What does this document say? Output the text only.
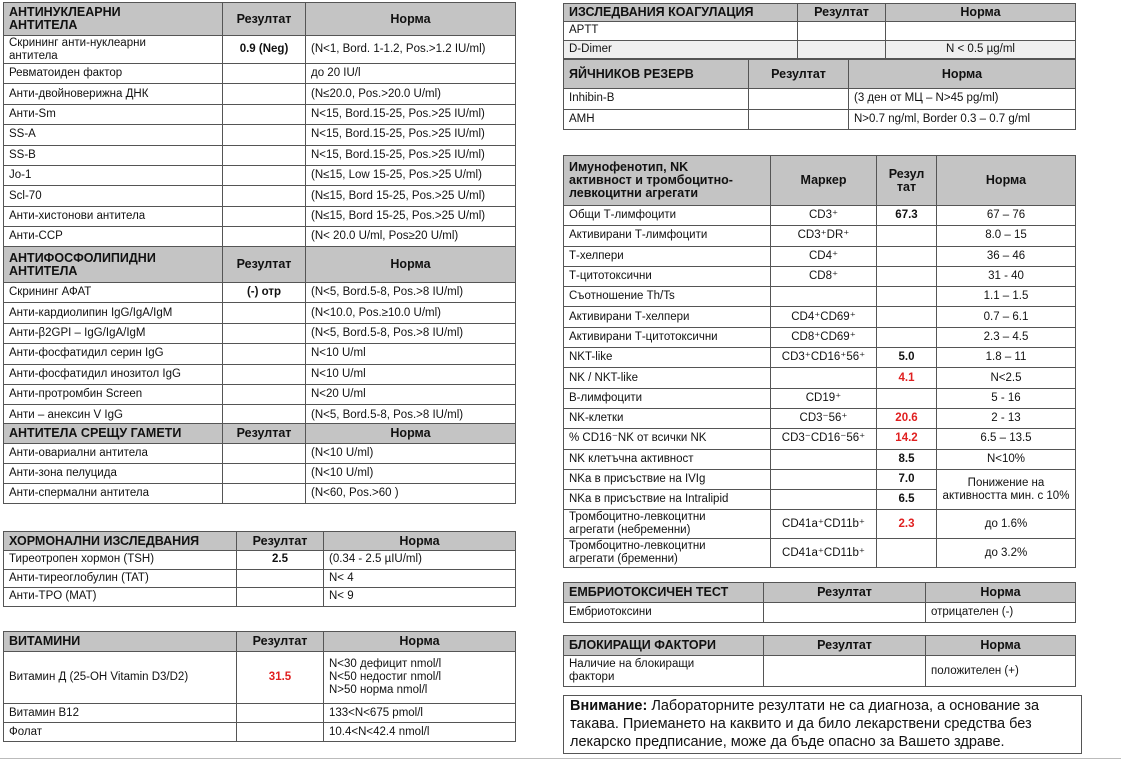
АНТИНУКЛЕАРНИ
АНТИТЕЛА	Резултат	Норма
Скрининг анти-нуклеарни
антитела	0.9 (Neg)	(N<1, Bord. 1-1.2, Pos.>1.2 IU/ml)
Ревматоиден фактор		до 20 IU/l
Анти-двойноверижна ДНК		(N≤20.0, Pos.>20.0 U/ml)
Анти-Sm		N<15, Bord.15-25, Pos.>25 IU/ml)
SS-A		N<15, Bord.15-25, Pos.>25 IU/ml)
SS-B		N<15, Bord.15-25, Pos.>25 IU/ml)
Jo-1		(N≤15, Low 15-25, Pos.>25 U/ml)
Scl-70		(N≤15, Bord 15-25, Pos.>25 U/ml)
Анти-хистонови антитела		(N≤15, Bord 15-25, Pos.>25 U/ml)
Анти-CCP		(N< 20.0 U/ml, Pos≥20 U/ml)
АНТИФОСФОЛИПИДНИ
АНТИТЕЛА	Резултат	Норма
Скрининг АФАТ	(-) отр	(N<5, Bord.5-8, Pos.>8 IU/ml)
Анти-кардиолипин IgG/IgA/IgM		(N<10.0, Pos.≥10.0 U/ml)
Анти-β2GPI – IgG/IgA/IgM		(N<5, Bord.5-8, Pos.>8 IU/ml)
Анти-фосфатидил серин IgG		N<10 U/ml
Анти-фосфатидил инозитол IgG		N<10 U/ml
Анти-протромбин Screen		N<20 U/ml
Анти – анексин V IgG		(N<5, Bord.5-8, Pos.>8 IU/ml)
АНТИТЕЛА СРЕЩУ ГАМЕТИ	Резултат	Норма
Анти-овариални антитела		(N<10 U/ml)
Анти-зона пелуцида		(N<10 U/ml)
Анти-спермални антитела		(N<60, Pos.>60 )
ХОРМОНАЛНИ ИЗСЛЕДВАНИЯ	Резултат	Норма
Тиреотропен хормон (TSH)	2.5	(0.34 - 2.5 µIU/ml)
Анти-тиреоглобулин (TAT)		N< 4
Анти-TPO (MAT)		N< 9
ВИТАМИНИ	Резултат	Норма
Витамин Д (25-OH Vitamin D3/D2)	31.5	N<30 дефицит nmol/l
N<50 недостиг nmol/l
N>50 норма nmol/l
Витамин B12		133<N<675 pmol/l
Фолат		10.4<N<42.4 nmol/l
ИЗСЛЕДВАНИЯ КОАГУЛАЦИЯ	Резултат	Норма
APTT		
D-Dimer		N < 0.5 µg/ml
ЯЙЧНИКОВ РЕЗЕРВ	Резултат	Норма
Inhibin-B		(3 ден от МЦ – N>45 pg/ml)
AMH		N>0.7 ng/ml, Border 0.3 – 0.7 g/ml
Имунофенотип, NK
активност и тромбоцитно-
левкоцитни агрегати	Маркер	Резул
тат	Норма
Общи Т-лимфоцити	CD3⁺	67.3	67 – 76
Активирани Т-лимфоцити	CD3⁺DR⁺		8.0 – 15
Т-хелпери	CD4⁺		36 – 46
Т-цитотоксични	CD8⁺		31 - 40
Съотношение Th/Ts			1.1 – 1.5
Активирани Т-хелпери	CD4⁺CD69⁺		0.7 – 6.1
Активирани Т-цитотоксични	CD8⁺CD69⁺		2.3 – 4.5
NKT-like	CD3⁺CD16⁺56⁺	5.0	1.8 – 11
NK / NKT-like		4.1	N<2.5
B-лимфоцити	CD19⁺		5 - 16
NK-клетки	CD3⁻56⁺	20.6	2 - 13
% CD16⁻NK от всички NK	CD3⁻CD16⁻56⁺	14.2	6.5 – 13.5
NK клетъчна активност		8.5	N<10%
NKa в присъствие на IVIg		7.0	Понижение на
активността мин. с 10%
NKa в присъствие на Intralipid		6.5	
Тромбоцитно-левкоцитни
агрегати (небременни)	CD41a⁺CD11b⁺	2.3	до 1.6%
Тромбоцитно-левкоцитни
агрегати (бременни)	CD41a⁺CD11b⁺		до 3.2%
ЕМБРИОТОКСИЧЕН ТЕСТ	Резултат	Норма
Ембриотоксини		отрицателен (-)
БЛОКИРАЩИ ФАКТОРИ	Резултат	Норма
Наличие на блокиращи
фактори		положителен (+)
Внимание: Лабораторните резултати не са диагноза, а основание за такава. Приемането на каквито и да било лекарствени средства без лекарско предписание, може да бъде опасно за Вашето здраве.
